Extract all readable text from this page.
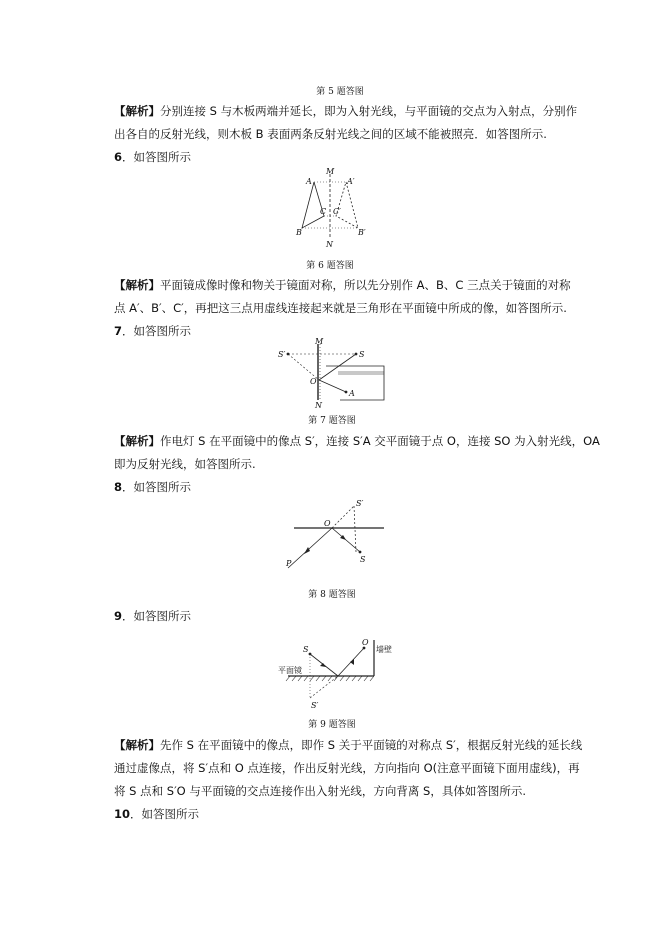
第 5 题答图
【解析】分别连接 S 与木板两端并延长，即为入射光线，与平面镜的交点为入射点，分别作
出各自的反射光线，则木板 B 表面两条反射光线之间的区域不能被照亮．如答图所示.
6．如答图所示
M
N
A	A′
B	B′
C C′
第 6 题答图
【解析】平面镜成像时像和物关于镜面对称，所以先分别作 A、B、C 三点关于镜面的对称
点 A′、B′、C′，再把这三点用虚线连接起来就是三角形在平面镜中所成的像，如答图所示.
7．如答图所示
S′	S
M
N
O
A
第 7 题答图
【解析】作电灯 S 在平面镜中的像点 S′，连接 S′A 交平面镜于点 O，连接 SO 为入射光线，OA
即为反射光线，如答图所示.
8．如答图所示
S′
S
O
P
第 8 题答图
9．如答图所示
S
O
墙壁
平面镜
S′
第 9 题答图
【解析】先作 S 在平面镜中的像点，即作 S 关于平面镜的对称点 S′，根据反射光线的延长线
通过虚像点，将 S′点和 O 点连接，作出反射光线，方向指向 O(注意平面镜下面用虚线)，再
将 S 点和 S′O 与平面镜的交点连接作出入射光线，方向背离 S，具体如答图所示.
10．如答图所示
